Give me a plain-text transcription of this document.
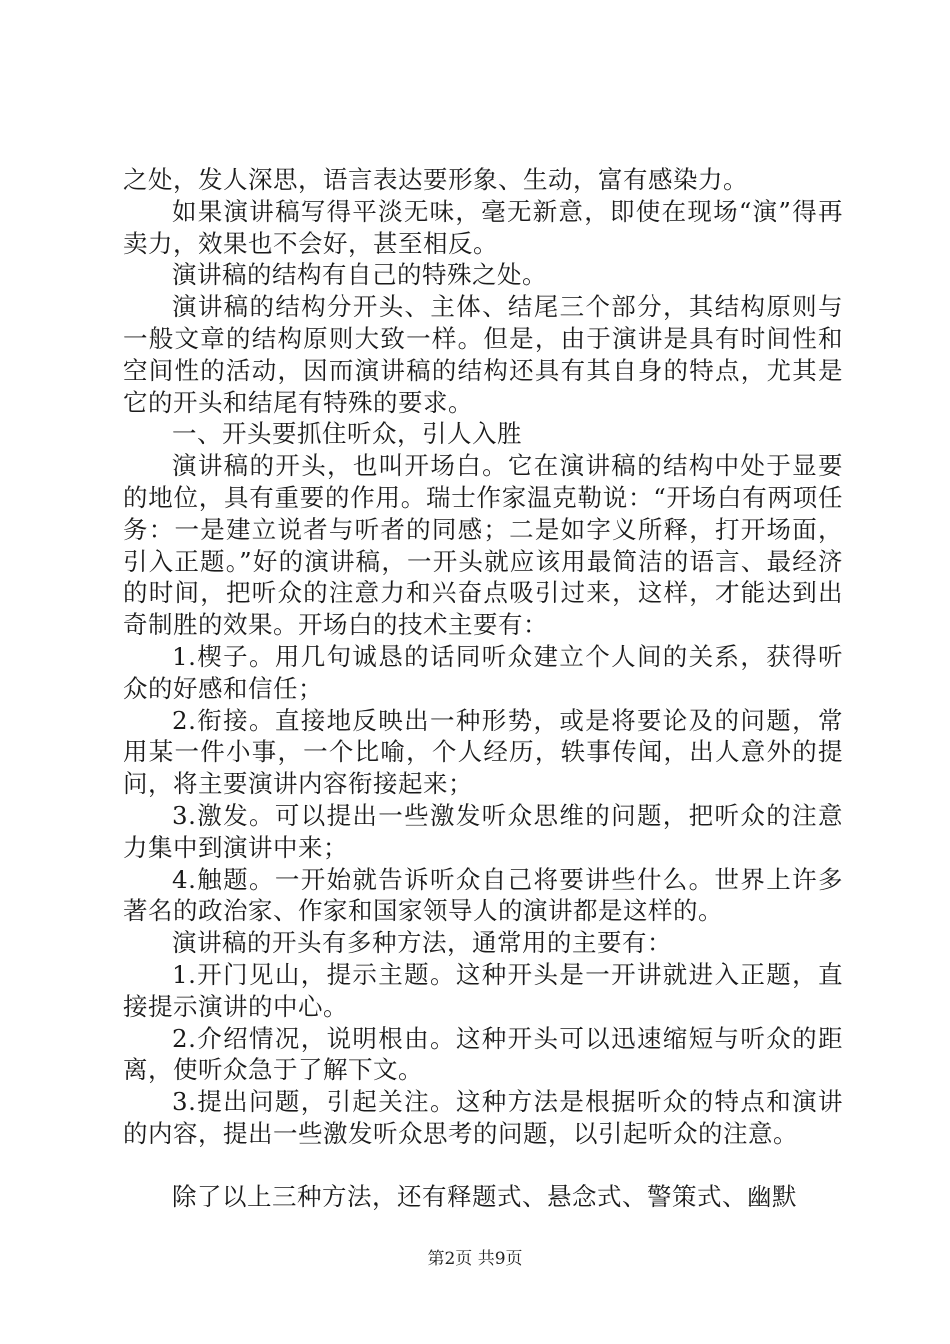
之处，发人深思，语言表达要形象、生动，富有感染力。

如果演讲稿写得平淡无味，毫无新意，即使在现场“演”得再卖力，效果也不会好，甚至相反。

演讲稿的结构有自己的特殊之处。

演讲稿的结构分开头、主体、结尾三个部分，其结构原则与一般文章的结构原则大致一样。但是，由于演讲是具有时间性和空间性的活动，因而演讲稿的结构还具有其自身的特点，尤其是它的开头和结尾有特殊的要求。

一、开头要抓住听众，引人入胜

演讲稿的开头，也叫开场白。它在演讲稿的结构中处于显要的地位，具有重要的作用。瑞士作家温克勒说：“开场白有两项任务：一是建立说者与听者的同感；二是如字义所释，打开场面，引入正题。”好的演讲稿，一开头就应该用最简洁的语言、最经济的时间，把听众的注意力和兴奋点吸引过来，这样，才能达到出奇制胜的效果。开场白的技术主要有：

1.楔子。用几句诚恳的话同听众建立个人间的关系，获得听众的好感和信任；

2.衔接。直接地反映出一种形势，或是将要论及的问题，常用某一件小事，一个比喻，个人经历，轶事传闻，出人意外的提问，将主要演讲内容衔接起来；

3.激发。可以提出一些激发听众思维的问题，把听众的注意力集中到演讲中来；

4.触题。一开始就告诉听众自己将要讲些什么。世界上许多著名的政治家、作家和国家领导人的演讲都是这样的。

演讲稿的开头有多种方法，通常用的主要有：

1.开门见山，提示主题。这种开头是一开讲就进入正题，直接提示演讲的中心。

2.介绍情况，说明根由。这种开头可以迅速缩短与听众的距离，使听众急于了解下文。

3.提出问题，引起关注。这种方法是根据听众的特点和演讲的内容，提出一些激发听众思考的问题，以引起听众的注意。

除了以上三种方法，还有释题式、悬念式、警策式、幽默

第2页 共9页
